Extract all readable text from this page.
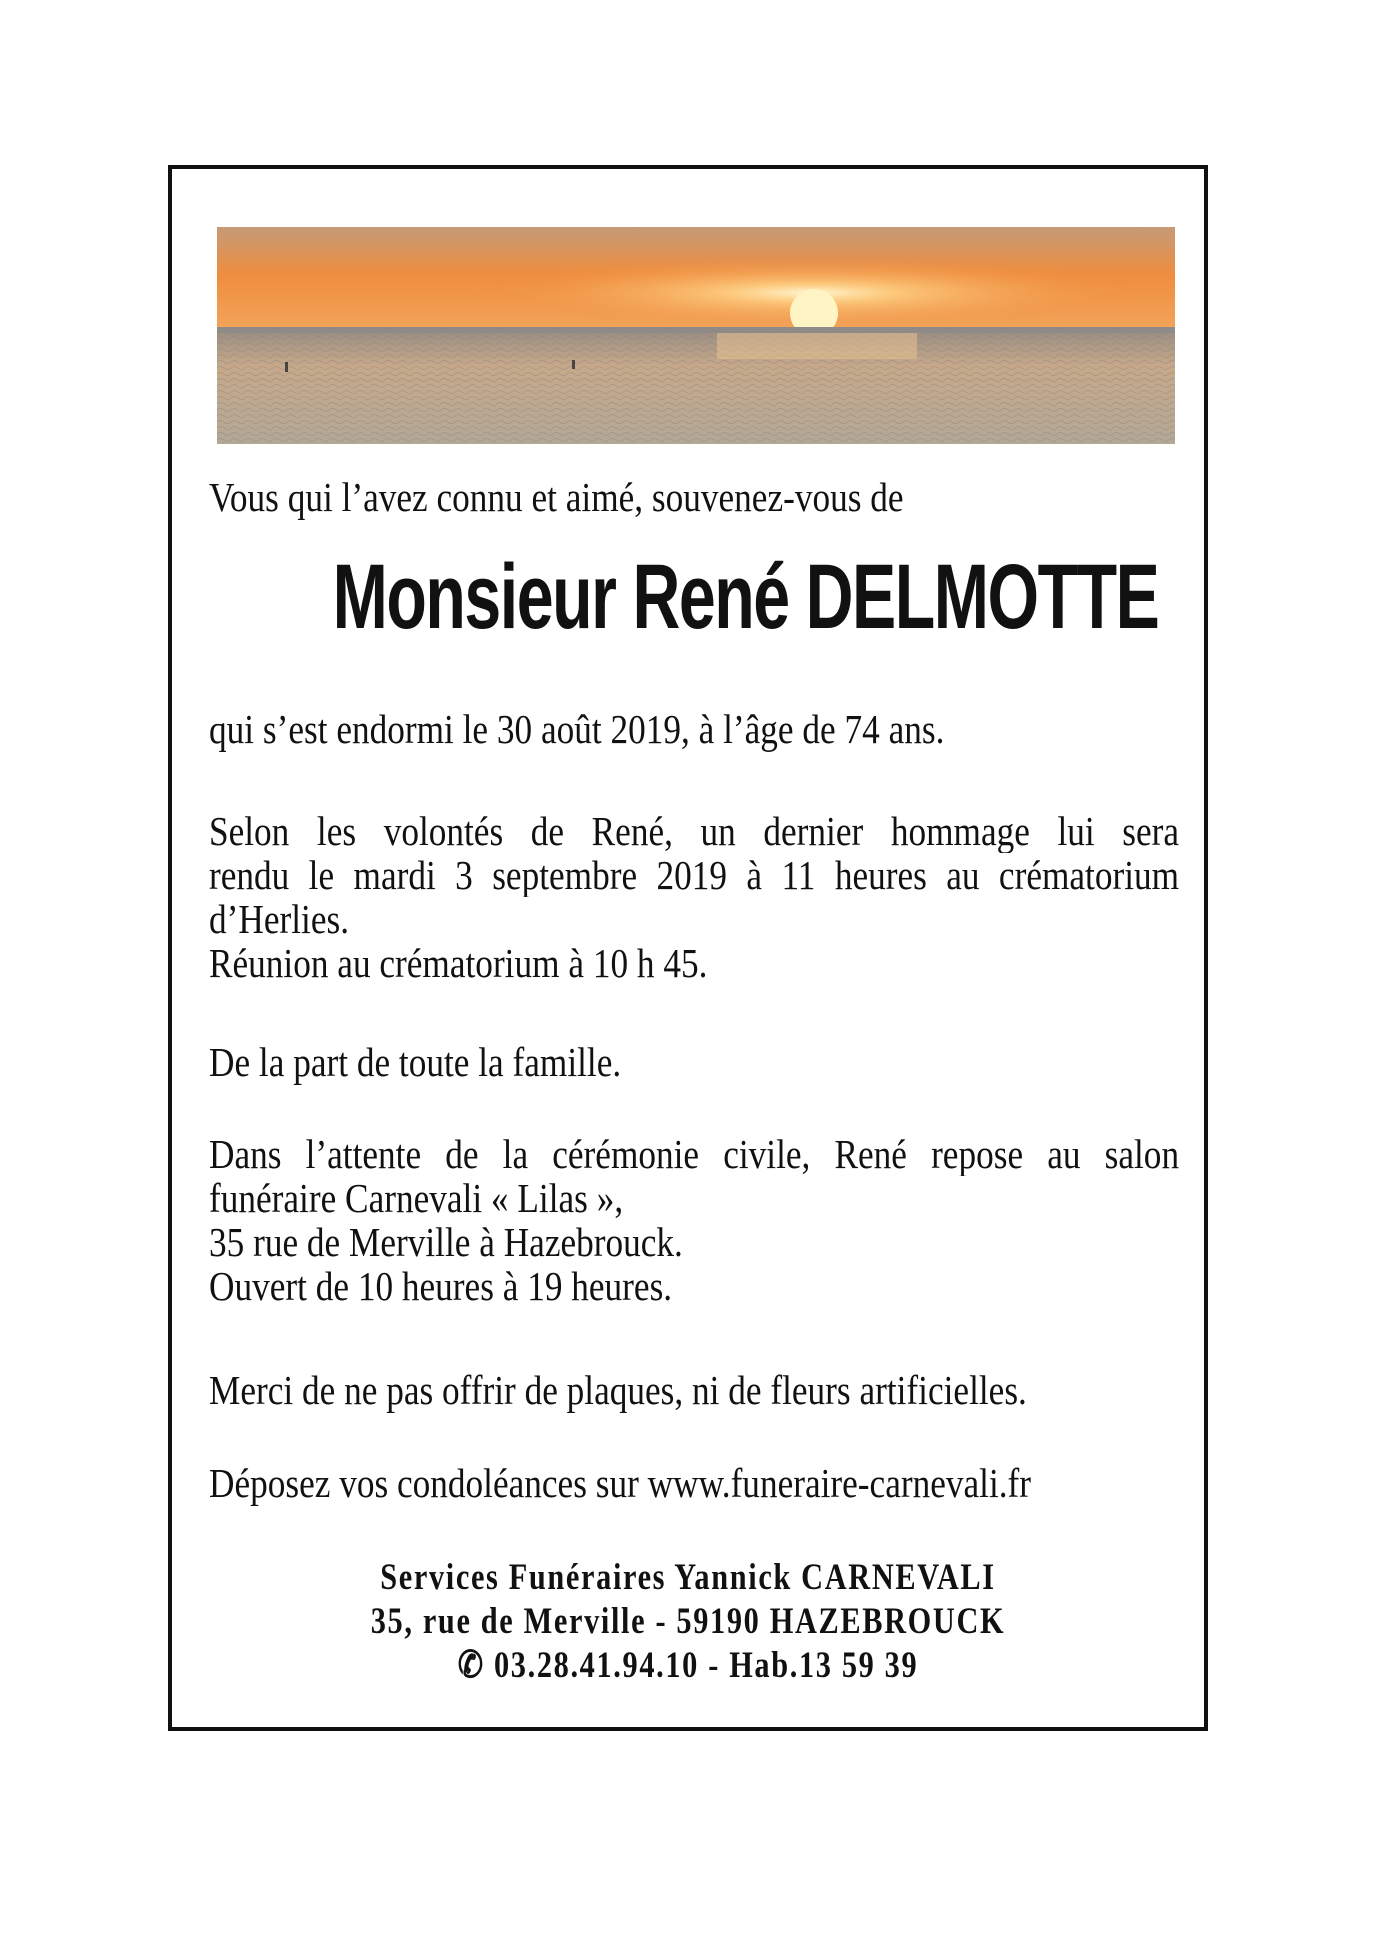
Vous qui l’avez connu et aimé, souvenez-vous de
Monsieur René DELMOTTE
qui s’est endormi le 30 août 2019, à l’âge de 74 ans.
Selon les volontés de René, un dernier hommage lui sera
rendu le mardi 3 septembre 2019 à 11 heures au crématorium
d’Herlies.
Réunion au crématorium à 10 h 45.
De la part de toute la famille.
Dans l’attente de la cérémonie civile, René repose au salon
funéraire Carnevali « Lilas »,
35 rue de Merville à Hazebrouck.
Ouvert de 10 heures à 19 heures.
Merci de ne pas offrir de plaques, ni de fleurs artificielles.
Déposez vos condoléances sur www.funeraire-carnevali.fr
Services Funéraires Yannick CARNEVALI
35, rue de Merville - 59190 HAZEBROUCK
✆ 03.28.41.94.10 - Hab.13 59 39
